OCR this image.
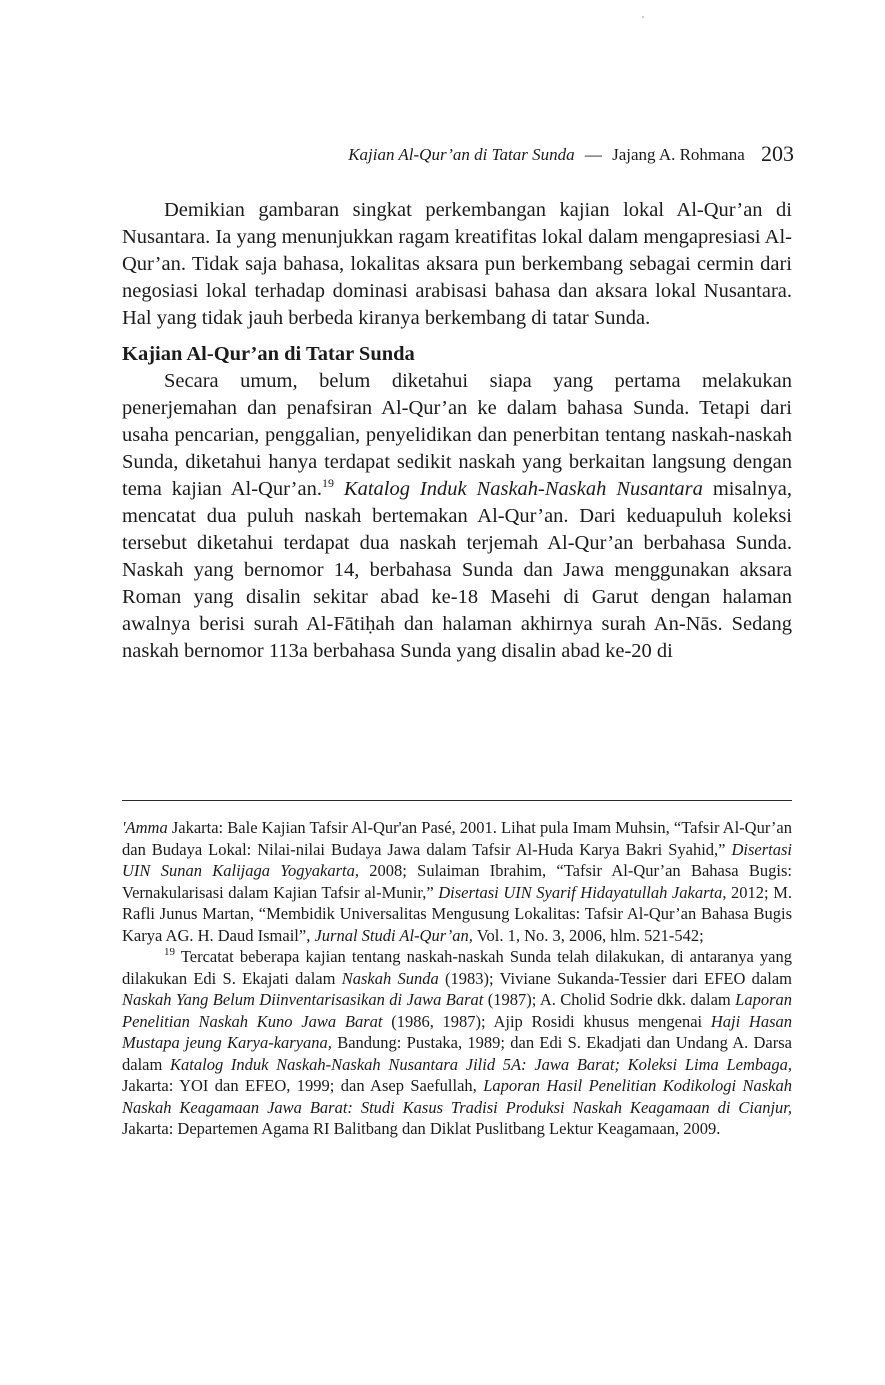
Kajian Al-Qur’an di Tatar Sunda — Jajang A. Rohmana 203

Demikian gambaran singkat perkembangan kajian lokal Al-Qur’an di Nusantara. Ia yang menunjukkan ragam kreatifitas lokal dalam mengapresiasi Al-Qur’an. Tidak saja bahasa, lokalitas aksara pun berkembang sebagai cermin dari negosiasi lokal terhadap dominasi arabisasi bahasa dan aksara lokal Nusantara. Hal yang tidak jauh berbeda kiranya berkembang di tatar Sunda.

Kajian Al-Qur’an di Tatar Sunda

Secara umum, belum diketahui siapa yang pertama melakukan penerjemahan dan penafsiran Al-Qur’an ke dalam bahasa Sunda. Tetapi dari usaha pencarian, penggalian, penyelidikan dan penerbitan tentang naskah-naskah Sunda, diketahui hanya terdapat sedikit naskah yang berkaitan langsung dengan tema kajian Al-Qur’an.$^{19}$ Katalog Induk Naskah-Naskah Nusantara misalnya, mencatat dua puluh naskah bertemakan Al-Qur’an. Dari keduapuluh koleksi tersebut diketahui terdapat dua naskah terjemah Al-Qur’an berbahasa Sunda. Naskah yang bernomor 14, berbahasa Sunda dan Jawa menggunakan aksara Roman yang disalin sekitar abad ke-18 Masehi di Garut dengan halaman awalnya berisi surah Al-Fātiḥah dan halaman akhirnya surah An-Nās. Sedang naskah bernomor 113a berbahasa Sunda yang disalin abad ke-20 di

'Amma Jakarta: Bale Kajian Tafsir Al-Qur'an Pasé, 2001. Lihat pula Imam Muhsin, “Tafsir Al-Qur’an dan Budaya Lokal: Nilai-nilai Budaya Jawa dalam Tafsir Al-Huda Karya Bakri Syahid,” Disertasi UIN Sunan Kalijaga Yogyakarta, 2008; Sulaiman Ibrahim, “Tafsir Al-Qur’an Bahasa Bugis: Vernakularisasi dalam Kajian Tafsir al-Munir,” Disertasi UIN Syarif Hidayatullah Jakarta, 2012; M. Rafli Junus Martan, “Membidik Universalitas Mengusung Lokalitas: Tafsir Al-Qur’an Bahasa Bugis Karya AG. H. Daud Ismail”, Jurnal Studi Al-Qur’an, Vol. 1, No. 3, 2006, hlm. 521-542;

$^{19}$ Tercatat beberapa kajian tentang naskah-naskah Sunda telah dilakukan, di antaranya yang dilakukan Edi S. Ekajati dalam Naskah Sunda (1983); Viviane Sukanda-Tessier dari EFEO dalam Naskah Yang Belum Diinventarisasikan di Jawa Barat (1987); A. Cholid Sodrie dkk. dalam Laporan Penelitian Naskah Kuno Jawa Barat (1986, 1987); Ajip Rosidi khusus mengenai Haji Hasan Mustapa jeung Karya-karyana, Bandung: Pustaka, 1989; dan Edi S. Ekadjati dan Undang A. Darsa dalam Katalog Induk Naskah-Naskah Nusantara Jilid 5A: Jawa Barat; Koleksi Lima Lembaga, Jakarta: YOI dan EFEO, 1999; dan Asep Saefullah, Laporan Hasil Penelitian Kodikologi Naskah Naskah Keagamaan Jawa Barat: Studi Kasus Tradisi Produksi Naskah Keagamaan di Cianjur, Jakarta: Departemen Agama RI Balitbang dan Diklat Puslitbang Lektur Keagamaan, 2009.
